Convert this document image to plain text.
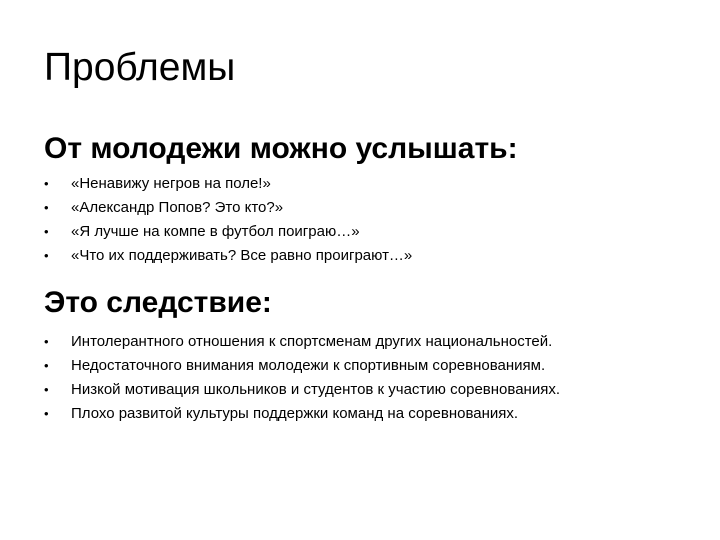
Проблемы
От молодежи можно услышать:
•	«Ненавижу негров на поле!»
•	«Александр Попов? Это кто?»
•	«Я лучше на компе в футбол поиграю…»
•	«Что их поддерживать? Все равно проиграют…»
Это следствие:
•	Интолерантного отношения к спортсменам других национальностей.
•	Недостаточного внимания молодежи к спортивным соревнованиям.
•	Низкой мотивация школьников и студентов к участию соревнованиях.
•	Плохо развитой культуры поддержки команд на соревнованиях.
